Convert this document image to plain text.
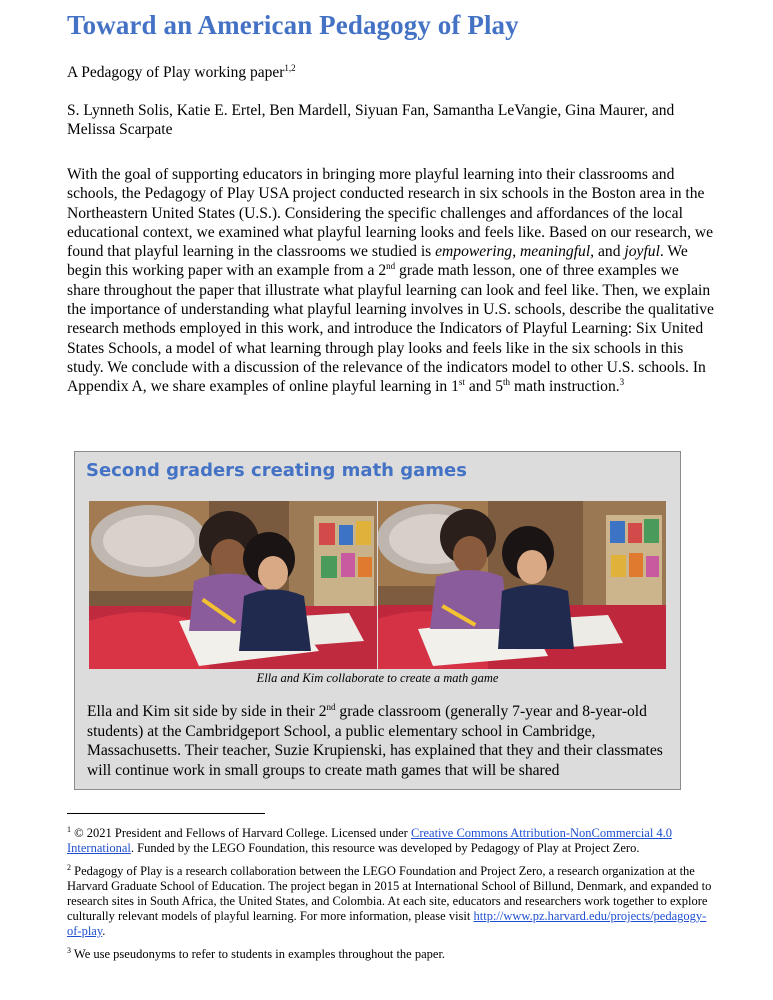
Toward an American Pedagogy of Play

A Pedagogy of Play working paper$^{1,2}$

S. Lynneth Solis, Katie E. Ertel, Ben Mardell, Siyuan Fan, Samantha LeVangie, Gina Maurer, and Melissa Scarpate

With the goal of supporting educators in bringing more playful learning into their classrooms and schools, the Pedagogy of Play USA project conducted research in six schools in the Boston area in the Northeastern United States (U.S.). Considering the specific challenges and affordances of the local educational context, we examined what playful learning looks and feels like. Based on our research, we found that playful learning in the classrooms we studied is empowering, meaningful, and joyful. We begin this working paper with an example from a 2nd grade math lesson, one of three examples we share throughout the paper that illustrate what playful learning can look and feel like. Then, we explain the importance of understanding what playful learning involves in U.S. schools, describe the qualitative research methods employed in this work, and introduce the Indicators of Playful Learning: Six United States Schools, a model of what learning through play looks and feels like in the six schools in this study. We conclude with a discussion of the relevance of the indicators model to other U.S. schools. In Appendix A, we share examples of online playful learning in 1st and 5th math instruction.$^3$

Second graders creating math games

Ella and Kim collaborate to create a math game

Ella and Kim sit side by side in their 2nd grade classroom (generally 7-year and 8-year-old students) at the Cambridgeport School, a public elementary school in Cambridge, Massachusetts. Their teacher, Suzie Krupienski, has explained that they and their classmates will continue work in small groups to create math games that will be shared

$^1$ © 2021 President and Fellows of Harvard College. Licensed under Creative Commons Attribution-NonCommercial 4.0 International. Funded by the LEGO Foundation, this resource was developed by Pedagogy of Play at Project Zero.

$^2$ Pedagogy of Play is a research collaboration between the LEGO Foundation and Project Zero, a research organization at the Harvard Graduate School of Education. The project began in 2015 at International School of Billund, Denmark, and expanded to research sites in South Africa, the United States, and Colombia. At each site, educators and researchers work together to explore culturally relevant models of playful learning. For more information, please visit http://www.pz.harvard.edu/projects/pedagogy-of-play.

$^3$ We use pseudonyms to refer to students in examples throughout the paper.
